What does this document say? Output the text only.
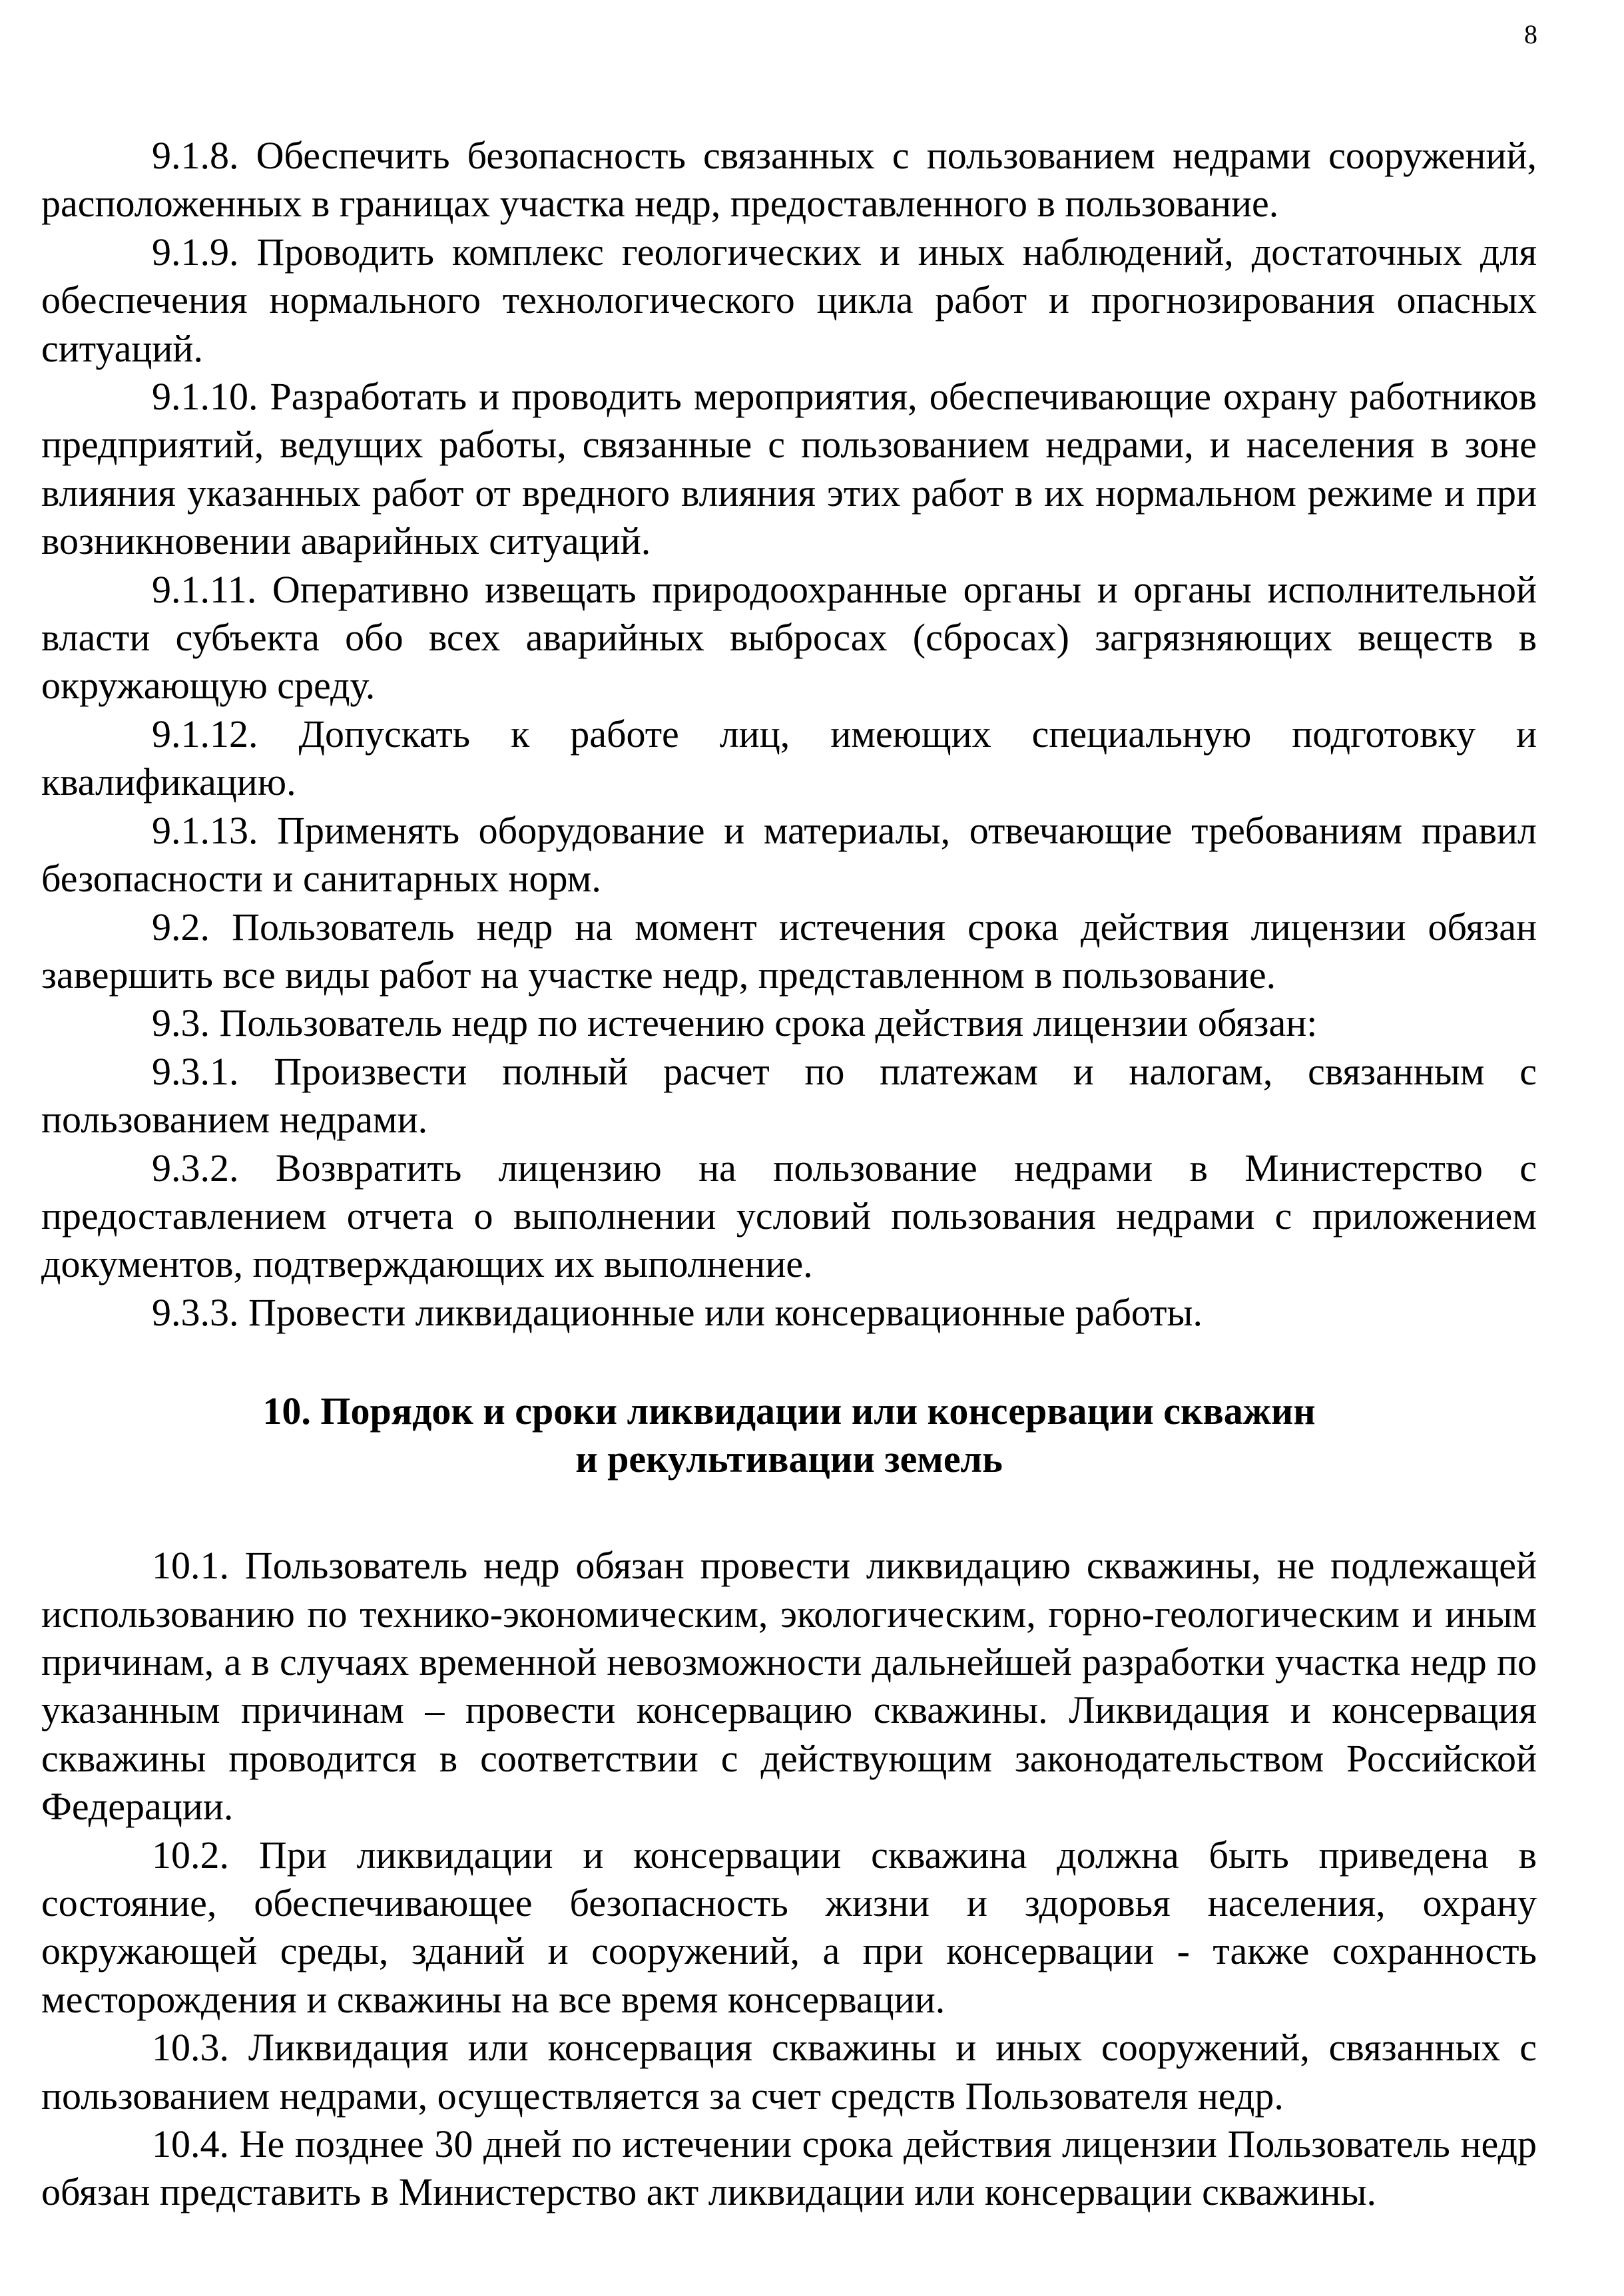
8

9.1.8. Обеспечить безопасность связанных с пользованием недрами сооружений, расположенных в границах участка недр, предоставленного в пользование.

9.1.9. Проводить комплекс геологических и иных наблюдений, достаточных для обеспечения нормального технологического цикла работ и прогнозирования опасных ситуаций.

9.1.10. Разработать и проводить мероприятия, обеспечивающие охрану работников предприятий, ведущих работы, связанные с пользованием недрами, и населения в зоне влияния указанных работ от вредного влияния этих работ в их нормальном режиме и при возникновении аварийных ситуаций.

9.1.11. Оперативно извещать природоохранные органы и органы исполнительной власти субъекта обо всех аварийных выбросах (сбросах) загрязняющих веществ в окружающую среду.

9.1.12. Допускать к работе лиц, имеющих специальную подготовку и квалификацию.

9.1.13. Применять оборудование и материалы, отвечающие требованиям правил безопасности и санитарных норм.

9.2. Пользователь недр на момент истечения срока действия лицензии обязан завершить все виды работ на участке недр, представленном в пользование.

9.3. Пользователь недр по истечению срока действия лицензии обязан:

9.3.1. Произвести полный расчет по платежам и налогам, связанным с пользованием недрами.

9.3.2. Возвратить лицензию на пользование недрами в Министерство с предоставлением отчета о выполнении условий пользования недрами с приложением документов, подтверждающих их выполнение.

9.3.3. Провести ликвидационные или консервационные работы.

10. Порядок и сроки ликвидации или консервации скважин
и рекультивации земель

10.1. Пользователь недр обязан провести ликвидацию скважины, не подлежащей использованию по технико-экономическим, экологическим, горно-геологическим и иным причинам, а в случаях временной невозможности дальнейшей разработки участка недр по указанным причинам – провести консервацию скважины. Ликвидация и консервация скважины проводится в соответствии с действующим законодательством Российской Федерации.

10.2. При ликвидации и консервации скважина должна быть приведена в состояние, обеспечивающее безопасность жизни и здоровья населения, охрану окружающей среды, зданий и сооружений, а при консервации - также сохранность месторождения и скважины на все время консервации.

10.3. Ликвидация или консервация скважины и иных сооружений, связанных с пользованием недрами, осуществляется за счет средств Пользователя недр.

10.4. Не позднее 30 дней по истечении срока действия лицензии Пользователь недр обязан представить в Министерство акт ликвидации или консервации скважины.
